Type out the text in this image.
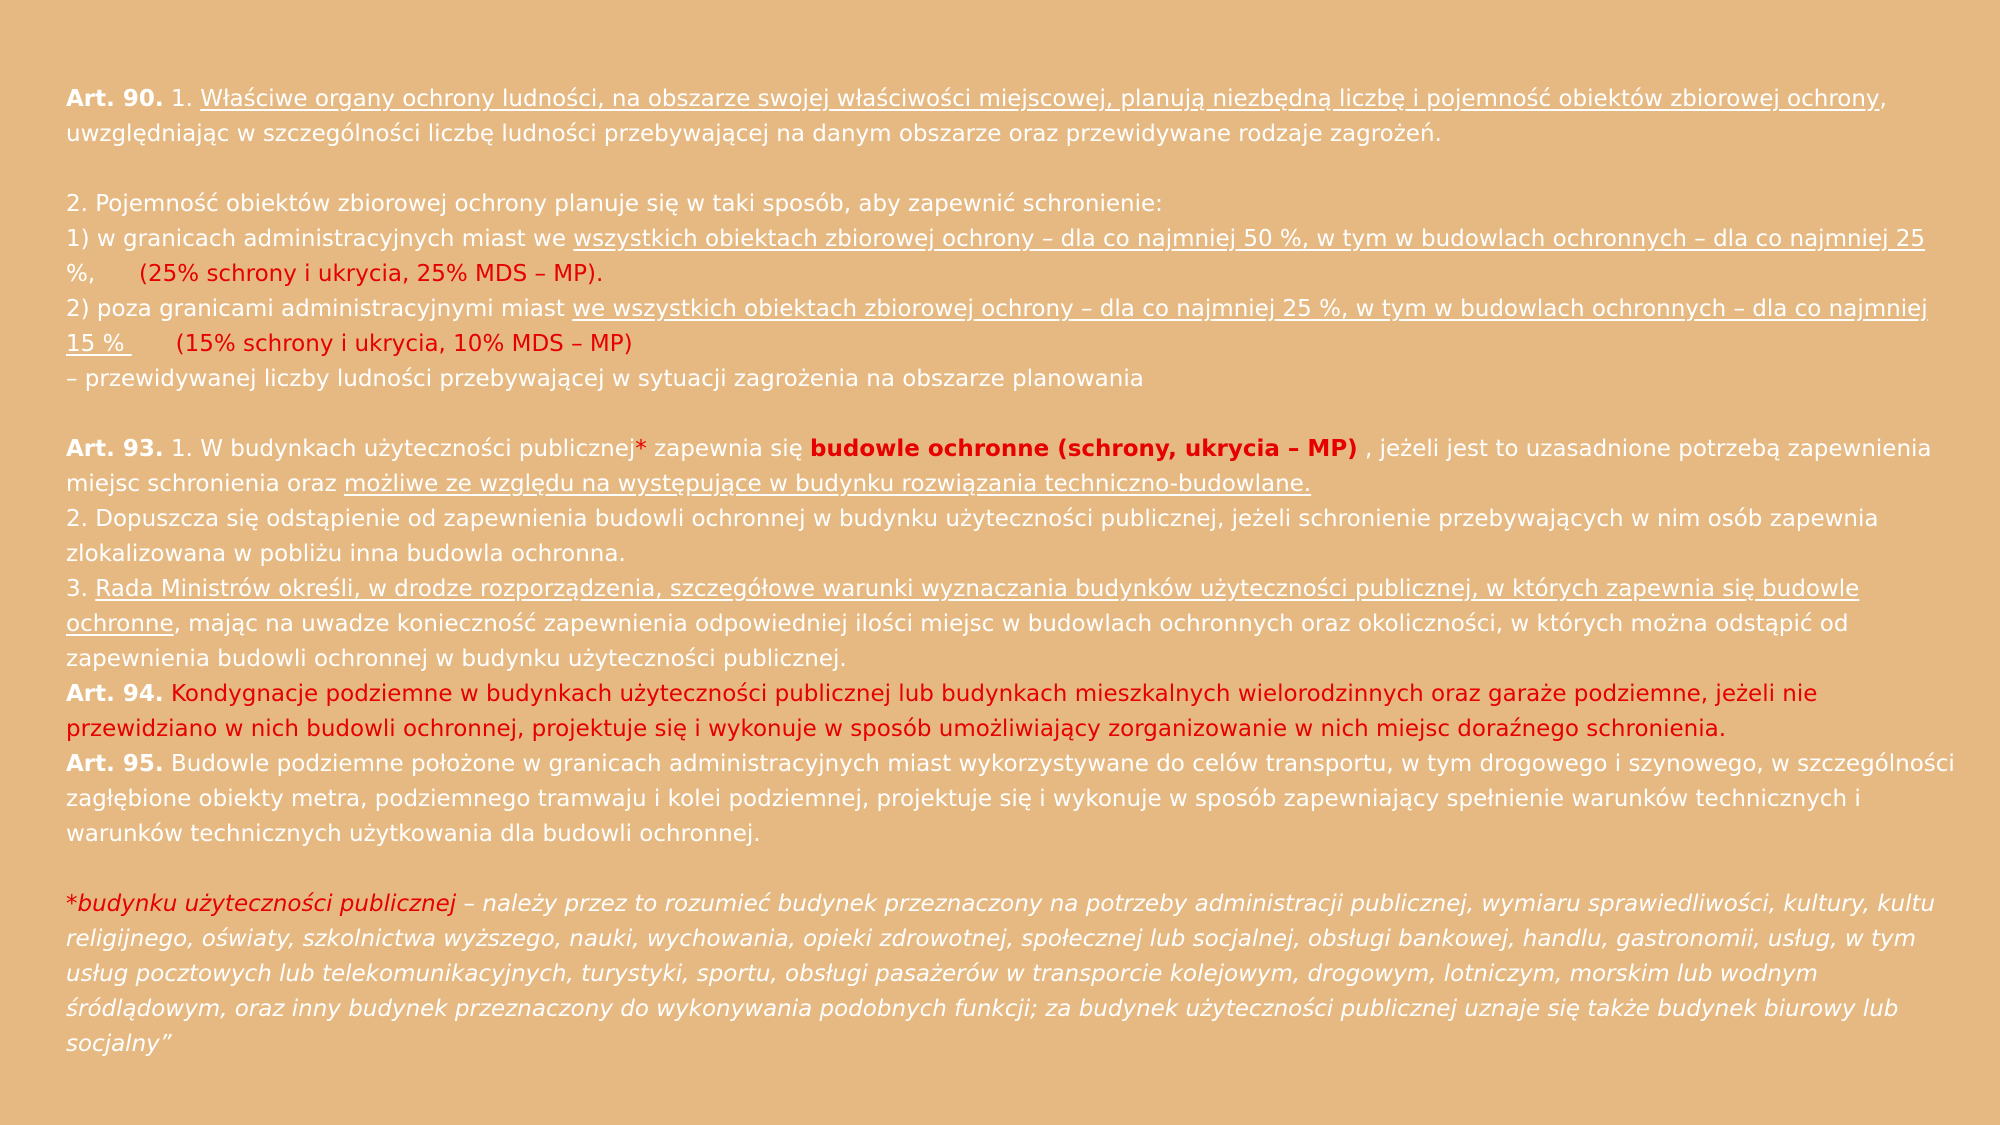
Art. 90. 1. Właściwe organy ochrony ludności, na obszarze swojej właściwości miejscowej, planują niezbędną liczbę i pojemność obiektów zbiorowej ochrony, uwzględniając w szczególności liczbę ludności przebywającej na danym obszarze oraz przewidywane rodzaje zagrożeń.

2. Pojemność obiektów zbiorowej ochrony planuje się w taki sposób, aby zapewnić schronienie:

1) w granicach administracyjnych miast we wszystkich obiektach zbiorowej ochrony – dla co najmniej 50 %, w tym w budowlach ochronnych – dla co najmniej 25 %,      (25% schrony i ukrycia, 25% MDS – MP).

2) poza granicami administracyjnymi miast we wszystkich obiektach zbiorowej ochrony – dla co najmniej 25 %, w tym w budowlach ochronnych – dla co najmniej 15 %       (15% schrony i ukrycia, 10% MDS – MP)

– przewidywanej liczby ludności przebywającej w sytuacji zagrożenia na obszarze planowania

Art. 93. 1. W budynkach użyteczności publicznej* zapewnia się budowle ochronne (schrony, ukrycia – MP) , jeżeli jest to uzasadnione potrzebą zapewnienia miejsc schronienia oraz możliwe ze względu na występujące w budynku rozwiązania techniczno-budowlane.

2. Dopuszcza się odstąpienie od zapewnienia budowli ochronnej w budynku użyteczności publicznej, jeżeli schronienie przebywających w nim osób zapewnia zlokalizowana w pobliżu inna budowla ochronna.

3. Rada Ministrów określi, w drodze rozporządzenia, szczegółowe warunki wyznaczania budynków użyteczności publicznej, w których zapewnia się budowle ochronne, mając na uwadze konieczność zapewnienia odpowiedniej ilości miejsc w budowlach ochronnych oraz okoliczności, w których można odstąpić od zapewnienia budowli ochronnej w budynku użyteczności publicznej.

Art. 94. Kondygnacje podziemne w budynkach użyteczności publicznej lub budynkach mieszkalnych wielorodzinnych oraz garaże podziemne, jeżeli nie przewidziano w nich budowli ochronnej, projektuje się i wykonuje w sposób umożliwiający zorganizowanie w nich miejsc doraźnego schronienia.

Art. 95. Budowle podziemne położone w granicach administracyjnych miast wykorzystywane do celów transportu, w tym drogowego i szynowego, w szczególności zagłębione obiekty metra, podziemnego tramwaju i kolei podziemnej, projektuje się i wykonuje w sposób zapewniający spełnienie warunków technicznych i warunków technicznych użytkowania dla budowli ochronnej.

*budynku użyteczności publicznej – należy przez to rozumieć budynek przeznaczony na potrzeby administracji publicznej, wymiaru sprawiedliwości, kultury, kultu religijnego, oświaty, szkolnictwa wyższego, nauki, wychowania, opieki zdrowotnej, społecznej lub socjalnej, obsługi bankowej, handlu, gastronomii, usług, w tym usług pocztowych lub telekomunikacyjnych, turystyki, sportu, obsługi pasażerów w transporcie kolejowym, drogowym, lotniczym, morskim lub wodnym śródlądowym, oraz inny budynek przeznaczony do wykonywania podobnych funkcji; za budynek użyteczności publicznej uznaje się także budynek biurowy lub socjalny”
